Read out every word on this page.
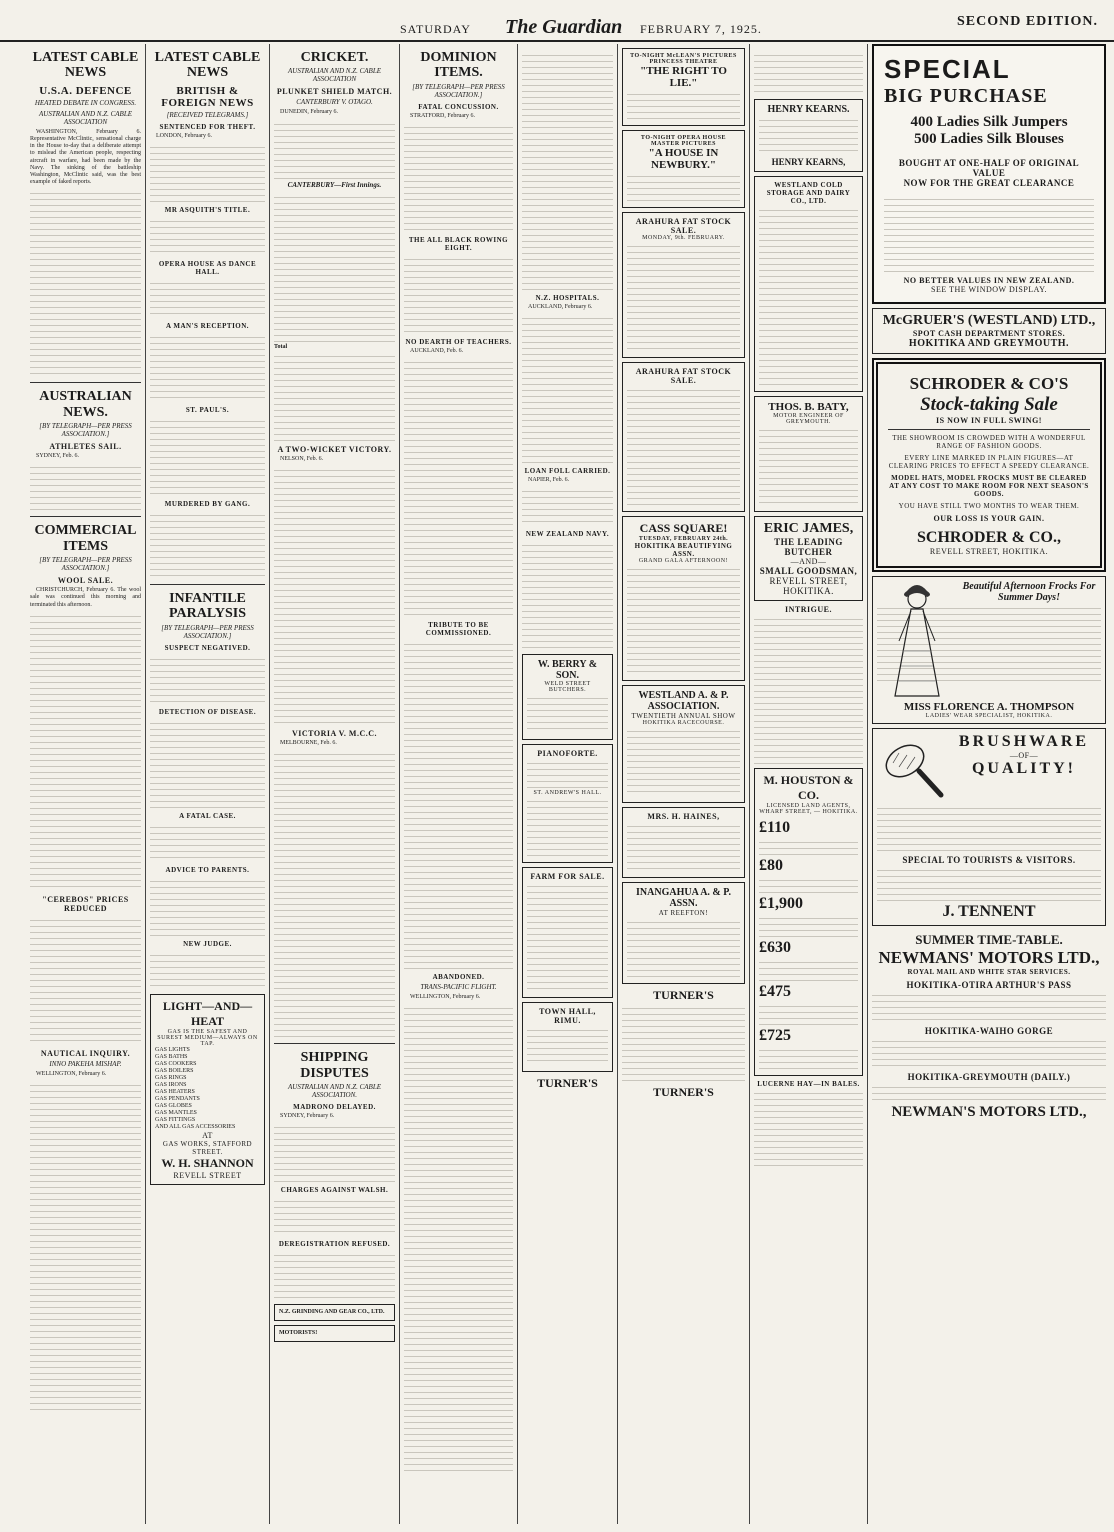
SATURDAY The Guardian FEBRUARY 7, 1925.	SECOND EDITION.
LATEST CABLE NEWS
U.S.A. DEFENCE
HEATED DEBATE IN CONGRESS.
AUSTRALIAN AND N.Z. CABLE ASSOCIATION

WASHINGTON, February 6. Representative McClintic, sensational charge in the House to-day that a deliberate attempt to mislead the American people, respecting aircraft in warfare, had been made by the Navy. The sinking of the battleship Washington, McClintic said, was the best example of faked reports.

AUSTRALIAN NEWS.
[BY TELEGRAPH—PER PRESS ASSOCIATION.]
ATHLETES SAIL.

SYDNEY, Feb. 6.

COMMERCIAL ITEMS
[BY TELEGRAPH—PER PRESS ASSOCIATION.]
WOOL SALE.

CHRISTCHURCH, February 6. The wool sale was continued this morning and terminated this afternoon.

"CEREBOS" PRICES REDUCED

NAUTICAL INQUIRY.
INNO PAKEHA MISHAP.

WELLINGTON, February 6.

LATEST CABLE NEWS
BRITISH & FOREIGN NEWS
[RECEIVED TELEGRAMS.]
SENTENCED FOR THEFT.

LONDON, February 6.

MR ASQUITH'S TITLE.

OPERA HOUSE AS DANCE HALL.

A MAN'S RECEPTION.

ST. PAUL'S.

MURDERED BY GANG.

INFANTILE PARALYSIS
[BY TELEGRAPH—PER PRESS ASSOCIATION.]
SUSPECT NEGATIVED.

DETECTION OF DISEASE.

A FATAL CASE.

ADVICE TO PARENTS.

NEW JUDGE.

LIGHT—AND—HEAT
GAS IS THE SAFEST AND SUREST MEDIUM—ALWAYS ON TAP.
GAS LIGHTS
GAS BATHS
GAS COOKERS
GAS BOILERS
GAS RINGS
GAS IRONS
GAS HEATERS
GAS PENDANTS
GAS GLOBES
GAS MANTLES
GAS FITTINGS
AND ALL GAS ACCESSORIES
AT
GAS WORKS, STAFFORD STREET.
W. H. SHANNON
REVELL STREET
CRICKET.
AUSTRALIAN AND N.Z. CABLE ASSOCIATION
PLUNKET SHIELD MATCH.
CANTERBURY V. OTAGO.

DUNEDIN, February 6.

CANTERBURY—First Innings.

Total

A TWO-WICKET VICTORY.

NELSON, Feb. 6.

VICTORIA V. M.C.C.

MELBOURNE, Feb. 6.

SHIPPING DISPUTES
AUSTRALIAN AND N.Z. CABLE ASSOCIATION.
MADRONO DELAYED.

SYDNEY, February 6.

CHARGES AGAINST WALSH.

DEREGISTRATION REFUSED.

N.Z. GRINDING AND GEAR CO., LTD.
MOTORISTS!
DOMINION ITEMS.
[BY TELEGRAPH—PER PRESS ASSOCIATION.]
FATAL CONCUSSION.

STRATFORD, February 6.

THE ALL BLACK ROWING EIGHT.

NO DEARTH OF TEACHERS.

AUCKLAND, Feb. 6.

TRIBUTE TO BE COMMISSIONED.

ABANDONED.
TRANS-PACIFIC FLIGHT.

WELLINGTON, February 6.

N.Z. HOSPITALS.

AUCKLAND, February 6.

LOAN FOLL CARRIED.

NAPIER, Feb. 6.

NEW ZEALAND NAVY.

W. BERRY & SON.
WELD STREET BUTCHERS.

PIANOFORTE.

ST. ANDREW'S HALL.

FARM FOR SALE.

TOWN HALL, RIMU.

TURNER'S
TO-NIGHT McLEAN'S PICTURES PRINCESS THEATRE
"THE RIGHT TO LIE."

TO-NIGHT OPERA HOUSE MASTER PICTURES
"A HOUSE IN NEWBURY."

ARAHURA FAT STOCK SALE.
MONDAY, 9th. FEBRUARY.

ARAHURA FAT STOCK SALE.

CASS SQUARE!
TUESDAY, FEBRUARY 24th.
HOKITIKA BEAUTIFYING ASSN.
GRAND GALA AFTERNOON!

WESTLAND A. & P. ASSOCIATION.
TWENTIETH ANNUAL SHOW
HOKITIKA RACECOURSE.

MRS. H. HAINES,

INANGAHUA A. & P. ASSN.
AT REEFTON!

TURNER'S

TURNER'S

HENRY KEARNS.

HENRY KEARNS,
WESTLAND COLD STORAGE AND DAIRY CO., LTD.

THOS. B. BATY,
MOTOR ENGINEER OF GREYMOUTH.

ERIC JAMES,
THE LEADING BUTCHER
—AND—
SMALL GOODSMAN,
REVELL STREET, HOKITIKA.
INTRIGUE.

M. HOUSTON & CO.
LICENSED LAND AGENTS,
WHARF STREET, — HOKITIKA.
£110

£80

£1,900

£630

£475

£725

LUCERNE HAY—IN BALES.

SPECIAL
BIG PURCHASE
400 Ladies Silk Jumpers
500 Ladies Silk Blouses
BOUGHT AT ONE-HALF OF ORIGINAL VALUE
NOW FOR THE GREAT CLEARANCE

NO BETTER VALUES IN NEW ZEALAND.
SEE THE WINDOW DISPLAY.
McGRUER'S (WESTLAND) LTD.,
SPOT CASH DEPARTMENT STORES.
HOKITIKA AND GREYMOUTH.
SCHRODER & CO'S
Stock-taking Sale
IS NOW IN FULL SWING!
THE SHOWROOM IS CROWDED WITH A WONDERFUL RANGE OF FASHION GOODS.
EVERY LINE MARKED IN PLAIN FIGURES—AT CLEARING PRICES TO EFFECT A SPEEDY CLEARANCE.
MODEL HATS, MODEL FROCKS MUST BE CLEARED AT ANY COST TO MAKE ROOM FOR NEXT SEASON'S GOODS.
YOU HAVE STILL TWO MONTHS TO WEAR THEM.
OUR LOSS IS YOUR GAIN.
SCHRODER & CO.,
REVELL STREET, HOKITIKA.
Beautiful Afternoon Frocks For Summer Days!

MISS FLORENCE A. THOMPSON
LADIES' WEAR SPECIALIST, HOKITIKA.
BRUSHWARE
—OF—
QUALITY!

SPECIAL TO TOURISTS & VISITORS.

J. TENNENT
SUMMER TIME-TABLE.
NEWMANS' MOTORS LTD.,
ROYAL MAIL AND WHITE STAR SERVICES.
HOKITIKA-OTIRA ARTHUR'S PASS

HOKITIKA-WAIHO GORGE

HOKITIKA-GREYMOUTH (DAILY.)

NEWMAN'S MOTORS LTD.,
